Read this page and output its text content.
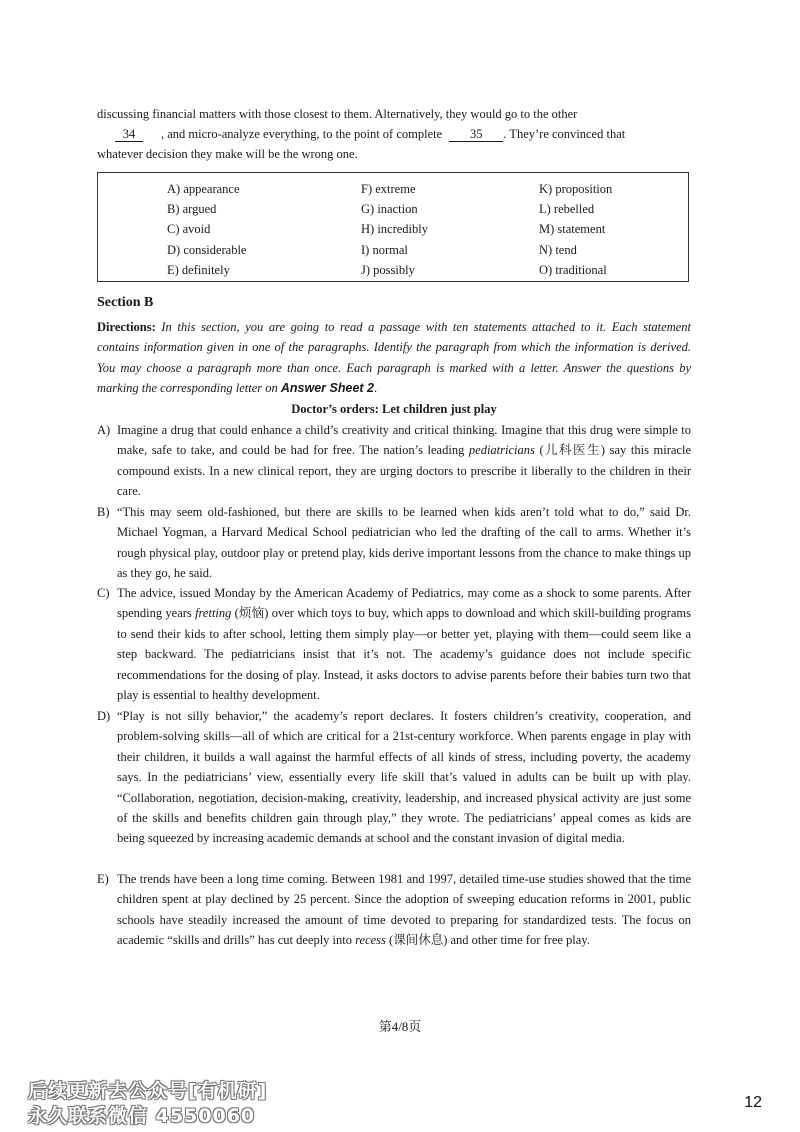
discussing financial matters with those closest to them. Alternatively, they would go to the other
34 , and micro-analyze everything, to the point of complete 35 . They’re convinced that
whatever decision they make will be the wrong one.

A) appearance
B) argued
C) avoid
D) considerable
E) definitely
F) extreme
G) inaction
H) incredibly
I) normal
J) possibly
K) proposition
L) rebelled
M) statement
N) tend
O) traditional
Section B

Directions: In this section, you are going to read a passage with ten statements attached to it. Each statement contains information given in one of the paragraphs. Identify the paragraph from which the information is derived. You may choose a paragraph more than once. Each paragraph is marked with a letter. Answer the questions by marking the corresponding letter on Answer Sheet 2.

Doctor’s orders: Let children just play
A) Imagine a drug that could enhance a child’s creativity and critical thinking. Imagine that this drug were simple to make, safe to take, and could be had for free. The nation’s leading pediatricians (儿科医生) say this miracle compound exists. In a new clinical report, they are urging doctors to prescribe it liberally to the children in their care.

B) “This may seem old-fashioned, but there are skills to be learned when kids aren’t told what to do,” said Dr. Michael Yogman, a Harvard Medical School pediatrician who led the drafting of the call to arms. Whether it’s rough physical play, outdoor play or pretend play, kids derive important lessons from the chance to make things up as they go, he said.

C) The advice, issued Monday by the American Academy of Pediatrics, may come as a shock to some parents. After spending years fretting (烦恼) over which toys to buy, which apps to download and which skill-building programs to send their kids to after school, letting them simply play—or better yet, playing with them—could seem like a step backward. The pediatricians insist that it’s not. The academy’s guidance does not include specific recommendations for the dosing of play. Instead, it asks doctors to advise parents before their babies turn two that play is essential to healthy development.

D) “Play is not silly behavior,” the academy’s report declares. It fosters children’s creativity, cooperation, and problem-solving skills—all of which are critical for a 21st-century workforce. When parents engage in play with their children, it builds a wall against the harmful effects of all kinds of stress, including poverty, the academy says. In the pediatricians’ view, essentially every life skill that’s valued in adults can be built up with play. “Collaboration, negotiation, decision-making, creativity, leadership, and increased physical activity are just some of the skills and benefits children gain through play,” they wrote. The pediatricians’ appeal comes as kids are being squeezed by increasing academic demands at school and the constant invasion of digital media.

E) The trends have been a long time coming. Between 1981 and 1997, detailed time-use studies showed that the time children spent at play declined by 25 percent. Since the adoption of sweeping education reforms in 2001, public schools have steadily increased the amount of time devoted to preparing for standardized tests. The focus on academic “skills and drills” has cut deeply into recess (课间休息) and other time for free play.

第4/8页
后续更新去公众号[有机研]
永久联系微信 4550060
12
